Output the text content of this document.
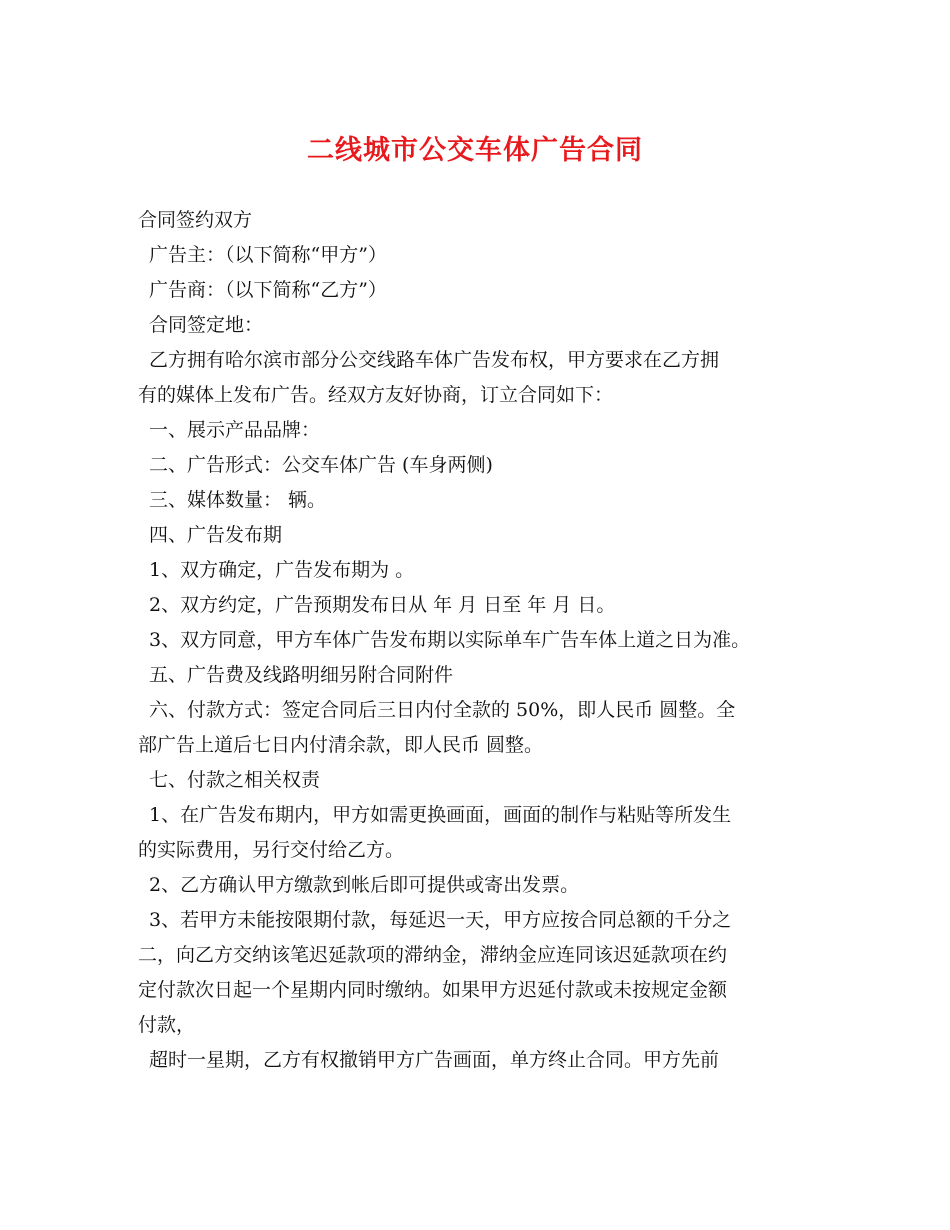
二线城市公交车体广告合同
合同签约双方
广告主：（以下简称“甲方”）
广告商：（以下简称“乙方”）
合同签定地：
乙方拥有哈尔滨市部分公交线路车体广告发布权，甲方要求在乙方拥
有的媒体上发布广告。经双方友好协商，订立合同如下：
一、展示产品品牌：
二、广告形式：公交车体广告 (车身两侧)
三、媒体数量： 辆。
四、广告发布期
1、双方确定，广告发布期为 。
2、双方约定，广告预期发布日从 年 月 日至 年 月 日。
3、双方同意，甲方车体广告发布期以实际单车广告车体上道之日为准。
五、广告费及线路明细另附合同附件
六、付款方式：签定合同后三日内付全款的 50%，即人民币 圆整。全
部广告上道后七日内付清余款，即人民币 圆整。
七、付款之相关权责
1、在广告发布期内，甲方如需更换画面，画面的制作与粘贴等所发生
的实际费用，另行交付给乙方。
2、乙方确认甲方缴款到帐后即可提供或寄出发票。
3、若甲方未能按限期付款，每延迟一天，甲方应按合同总额的千分之
二，向乙方交纳该笔迟延款项的滞纳金，滞纳金应连同该迟延款项在约
定付款次日起一个星期内同时缴纳。如果甲方迟延付款或未按规定金额
付款，
超时一星期，乙方有权撤销甲方广告画面，单方终止合同。甲方先前
